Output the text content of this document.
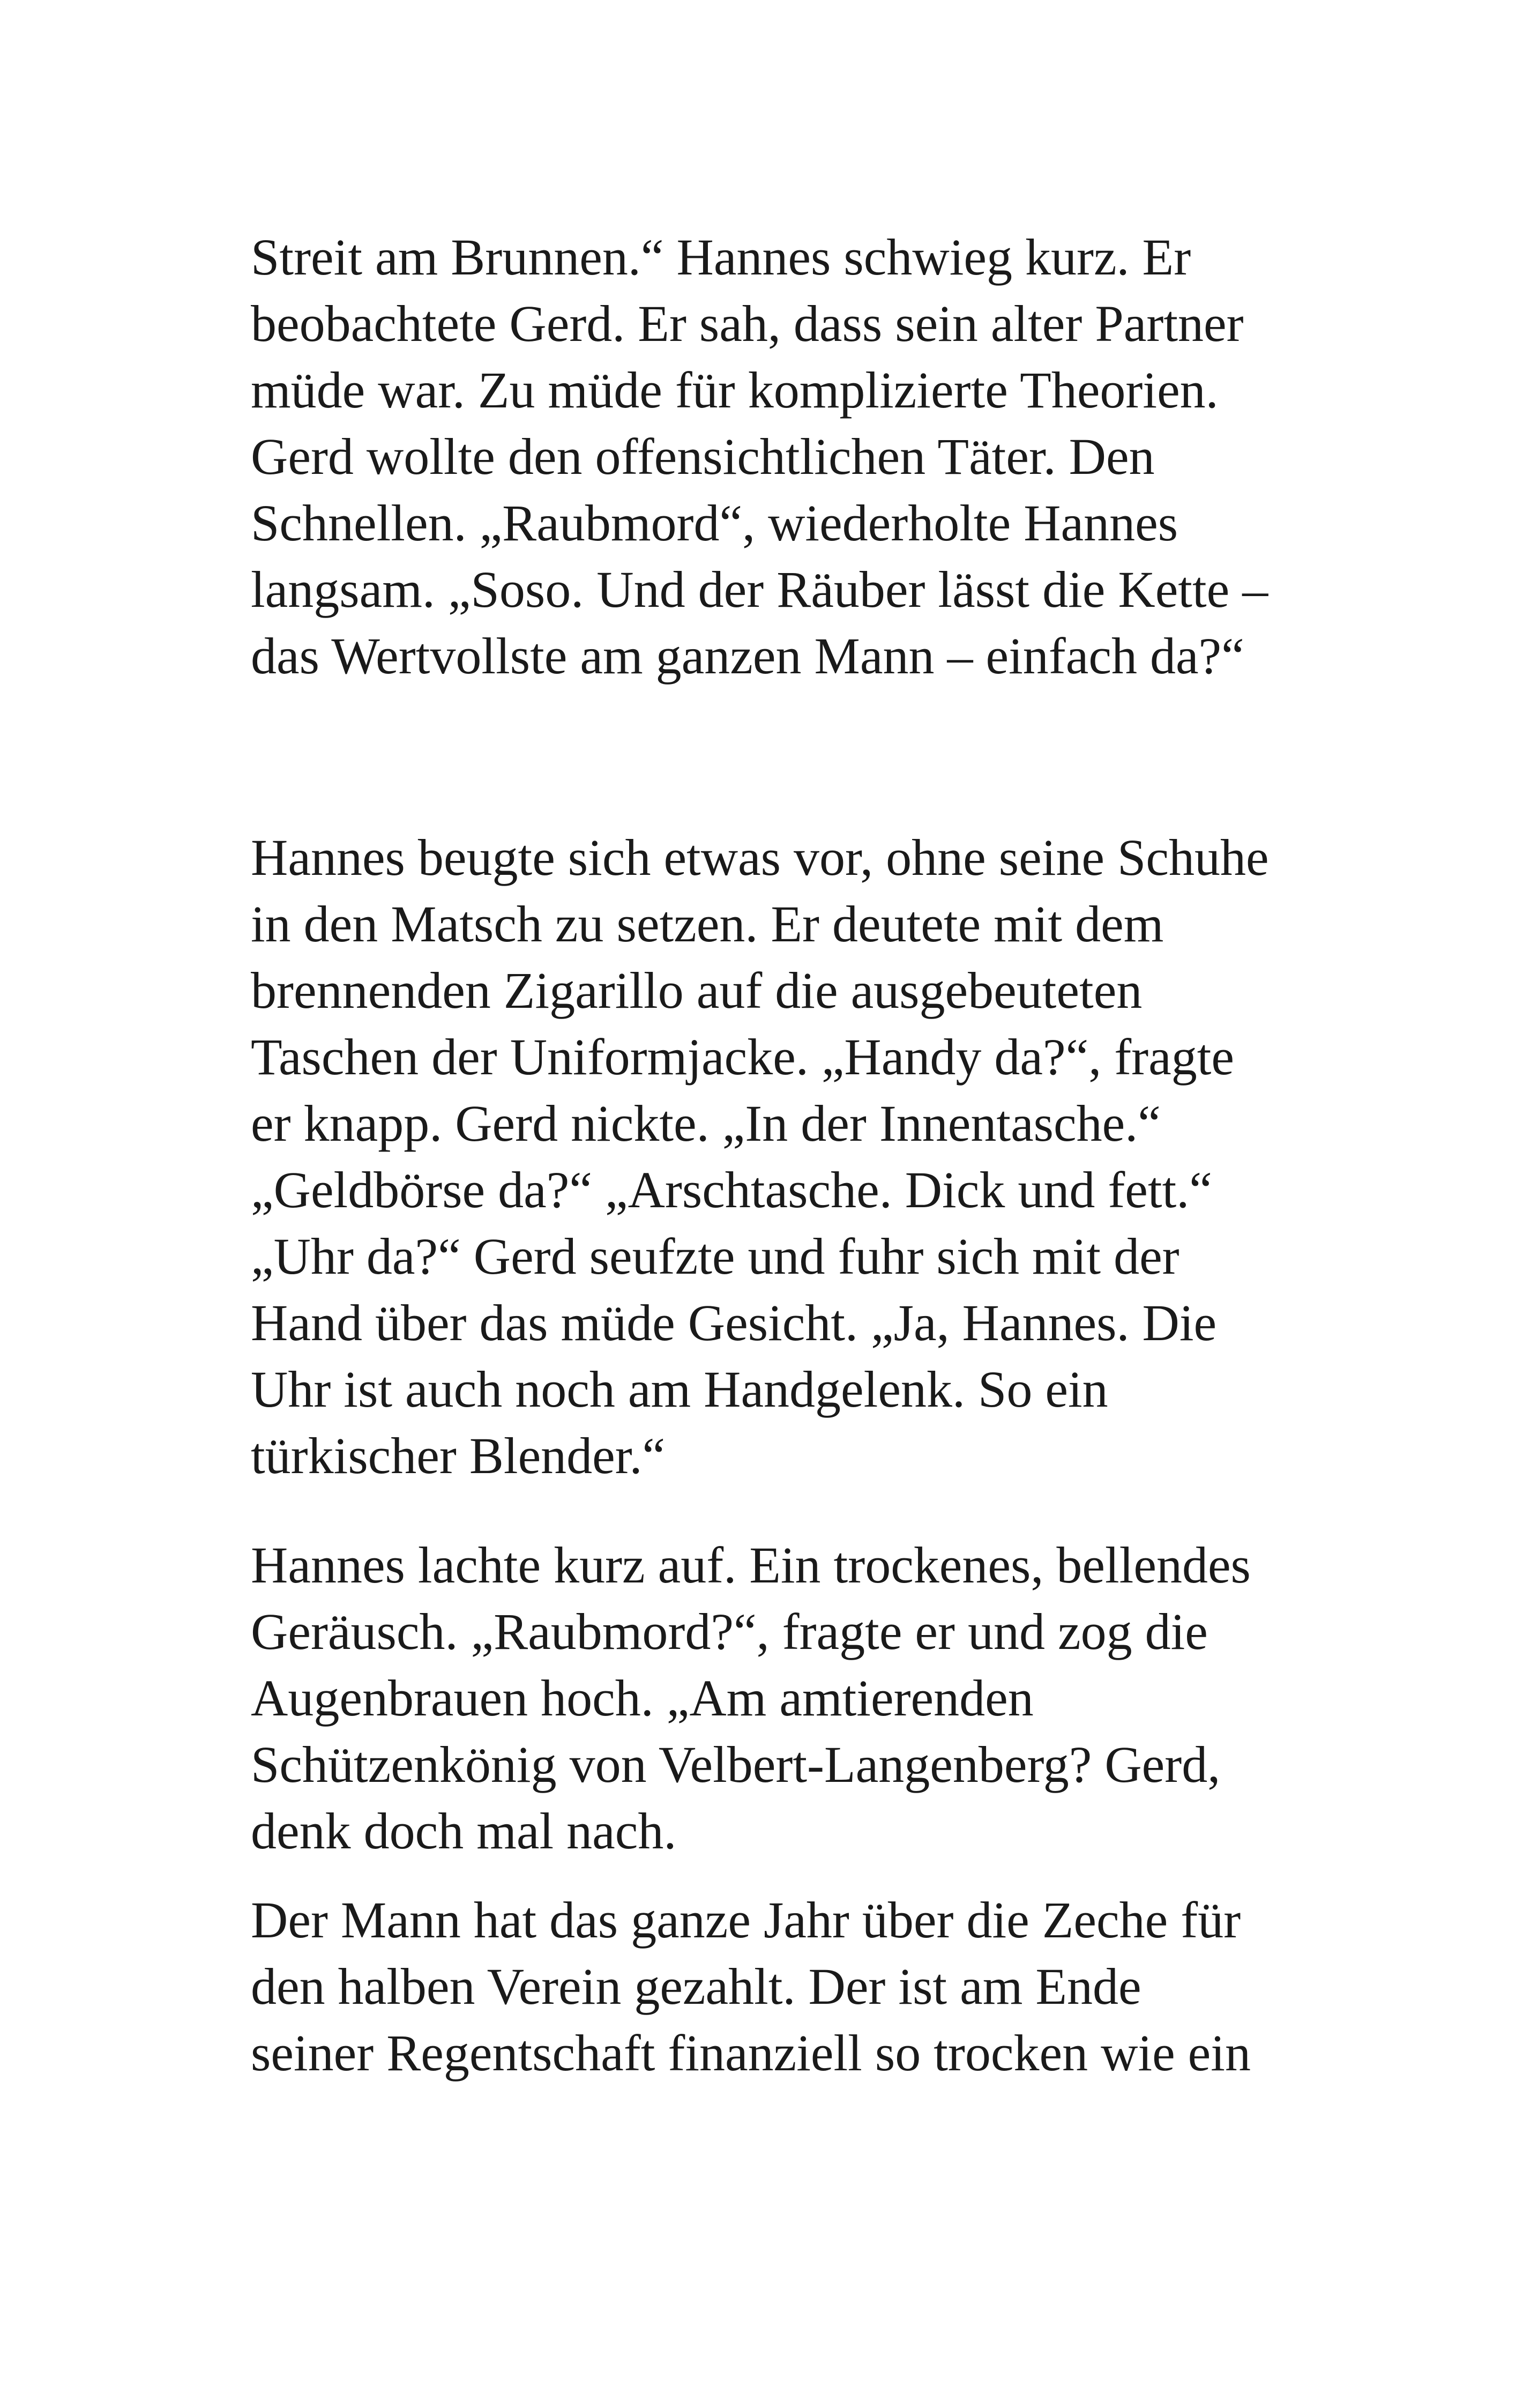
Streit am Brunnen.“ Hannes schwieg kurz. Er
beobachtete Gerd. Er sah, dass sein alter Partner
müde war. Zu müde für komplizierte Theorien.
Gerd wollte den offensichtlichen Täter. Den
Schnellen. „Raubmord“, wiederholte Hannes
langsam. „Soso. Und der Räuber lässt die Kette –
das Wertvollste am ganzen Mann – einfach da?“

Hannes beugte sich etwas vor, ohne seine Schuhe
in den Matsch zu setzen. Er deutete mit dem
brennenden Zigarillo auf die ausgebeuteten
Taschen der Uniformjacke. „Handy da?“, fragte
er knapp. Gerd nickte. „In der Innentasche.“
„Geldbörse da?“ „Arschtasche. Dick und fett.“
„Uhr da?“ Gerd seufzte und fuhr sich mit der
Hand über das müde Gesicht. „Ja, Hannes. Die
Uhr ist auch noch am Handgelenk. So ein
türkischer Blender.“

Hannes lachte kurz auf. Ein trockenes, bellendes
Geräusch. „Raubmord?“, fragte er und zog die
Augenbrauen hoch. „Am amtierenden
Schützenkönig von Velbert-Langenberg? Gerd,
denk doch mal nach.

Der Mann hat das ganze Jahr über die Zeche für
den halben Verein gezahlt. Der ist am Ende
seiner Regentschaft finanziell so trocken wie ein
